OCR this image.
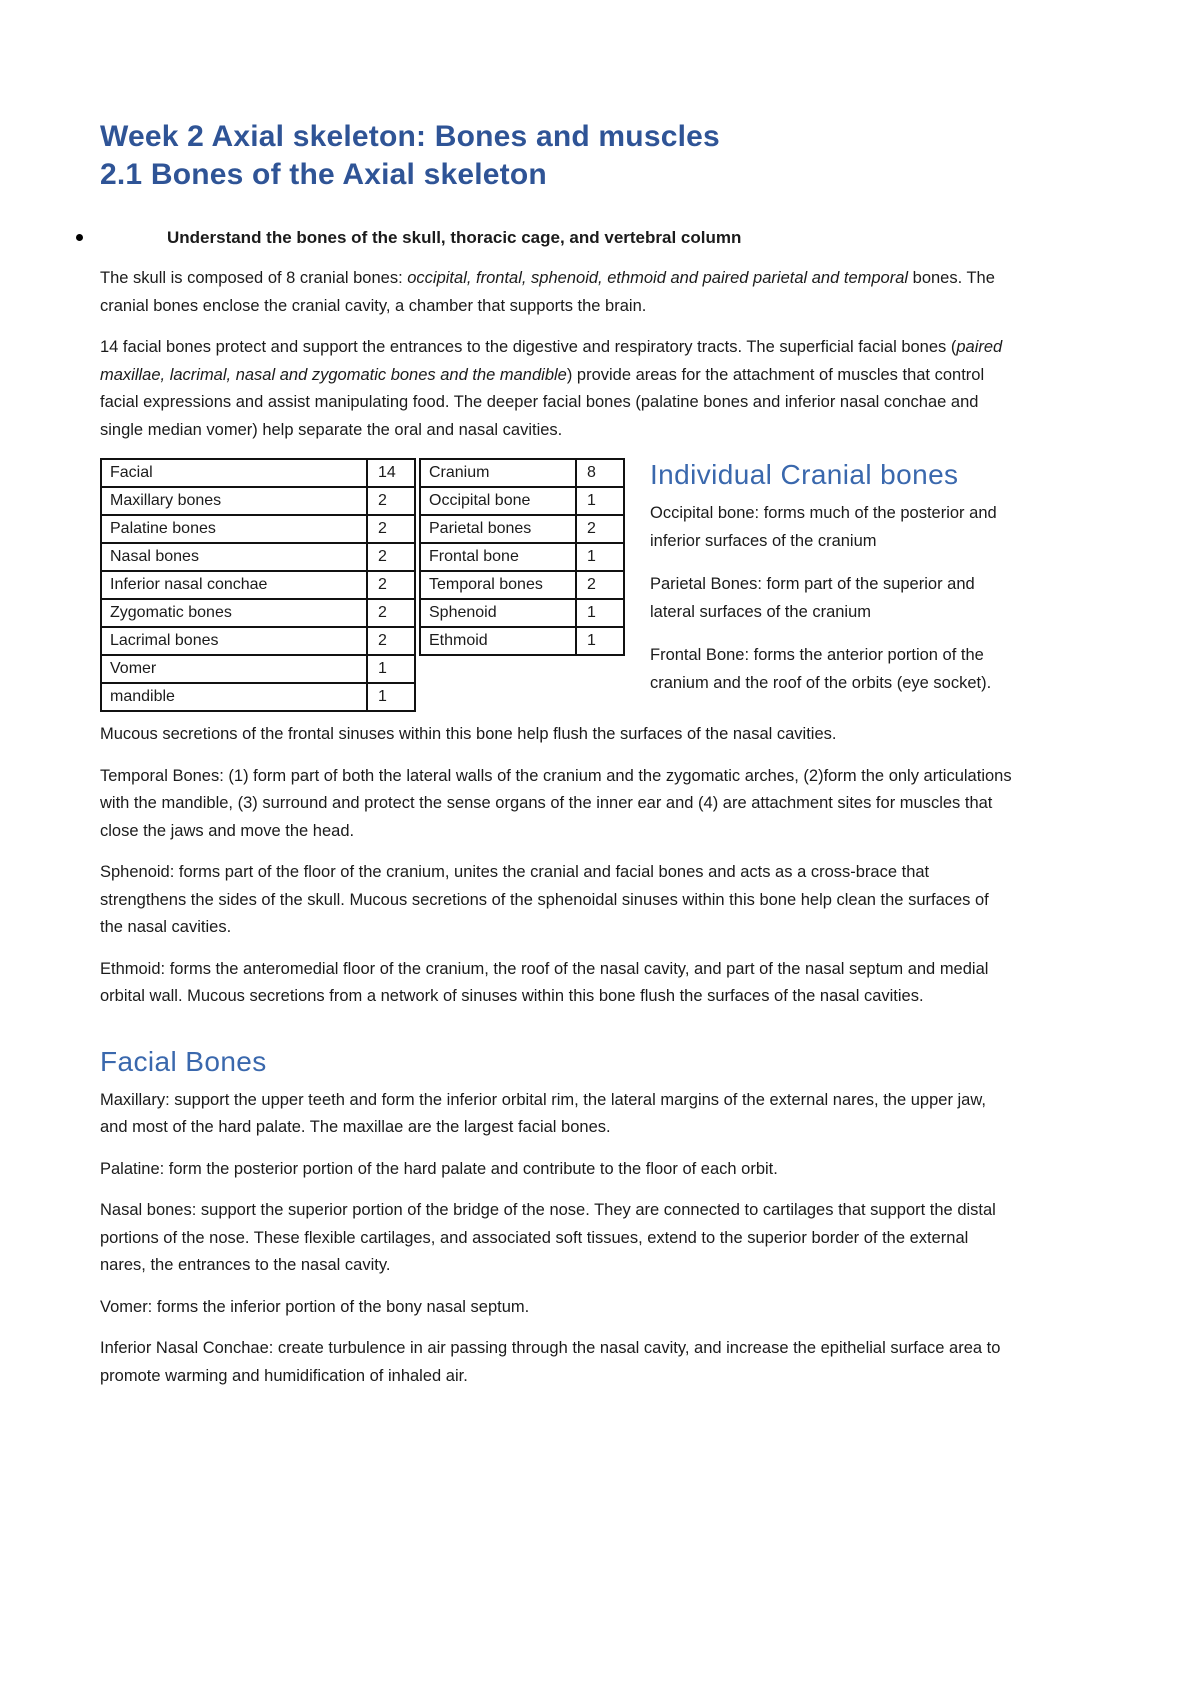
Week 2 Axial skeleton: Bones and muscles
2.1 Bones of the Axial skeleton
Understand the bones of the skull, thoracic cage, and vertebral column

The skull is composed of 8 cranial bones: occipital, frontal, sphenoid, ethmoid and paired parietal and temporal bones. The cranial bones enclose the cranial cavity, a chamber that supports the brain.

14 facial bones protect and support the entrances to the digestive and respiratory tracts. The superficial facial bones (paired maxillae, lacrimal, nasal and zygomatic bones and the mandible) provide areas for the attachment of muscles that control facial expressions and assist manipulating food. The deeper facial bones (palatine bones and inferior nasal conchae and single median vomer) help separate the oral and nasal cavities.

Facial	14
Maxillary bones	2
Palatine bones	2
Nasal bones	2
Inferior nasal conchae	2
Zygomatic bones	2
Lacrimal bones	2
Vomer	1
mandible	1
Cranium	8
Occipital bone	1
Parietal bones	2
Frontal bone	1
Temporal bones	2
Sphenoid	1
Ethmoid	1
Individual Cranial bones

Occipital bone: forms much of the posterior and inferior surfaces of the cranium

Parietal Bones: form part of the superior and lateral surfaces of the cranium

Frontal Bone: forms the anterior portion of the cranium and the roof of the orbits (eye socket).

Mucous secretions of the frontal sinuses within this bone help flush the surfaces of the nasal cavities.

Temporal Bones: (1) form part of both the lateral walls of the cranium and the zygomatic arches, (2)form the only articulations with the mandible, (3) surround and protect the sense organs of the inner ear and (4) are attachment sites for muscles that close the jaws and move the head.

Sphenoid: forms part of the floor of the cranium, unites the cranial and facial bones and acts as a cross-brace that strengthens the sides of the skull. Mucous secretions of the sphenoidal sinuses within this bone help clean the surfaces of the nasal cavities.

Ethmoid: forms the anteromedial floor of the cranium, the roof of the nasal cavity, and part of the nasal septum and medial orbital wall. Mucous secretions from a network of sinuses within this bone flush the surfaces of the nasal cavities.

Facial Bones

Maxillary: support the upper teeth and form the inferior orbital rim, the lateral margins of the external nares, the upper jaw, and most of the hard palate. The maxillae are the largest facial bones.

Palatine: form the posterior portion of the hard palate and contribute to the floor of each orbit.

Nasal bones: support the superior portion of the bridge of the nose. They are connected to cartilages that support the distal portions of the nose. These flexible cartilages, and associated soft tissues, extend to the superior border of the external nares, the entrances to the nasal cavity.

Vomer: forms the inferior portion of the bony nasal septum.

Inferior Nasal Conchae: create turbulence in air passing through the nasal cavity, and increase the epithelial surface area to promote warming and humidification of inhaled air.
